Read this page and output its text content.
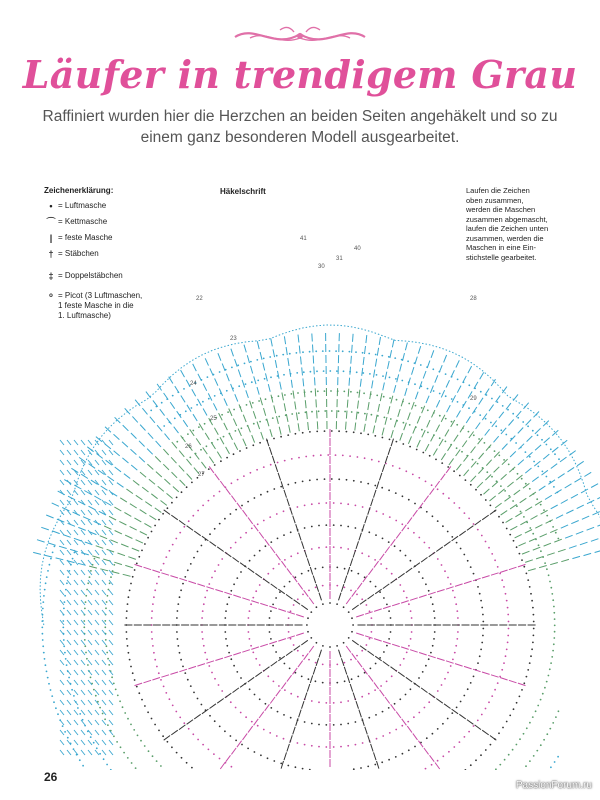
Läufer in trendigem Grau

Raffiniert wurden hier die Herzchen an beiden Seiten angehäkelt und so zu einem ganz besonderen Modell ausgearbeitet.

Zeichenerklärung:
• = Luftmasche
⌒ = Kettmasche
| = feste Masche
† = Stäbchen
‡ = Doppelstäbchen
ᵒ = Picot (3 Luftmaschen,
1 feste Masche in die
1. Luftmasche)
Häkelschrift	Laufen die Zeichen
oben zusammen,
werden die Maschen
zusammen abgemascht,
laufen die Zeichen unten
zusammen, werden die
Maschen in eine Ein-
stichstelle gearbeitet.
22
23
24
25
26
27
28
29
30
31
40
41
26
PassionForum.ru
